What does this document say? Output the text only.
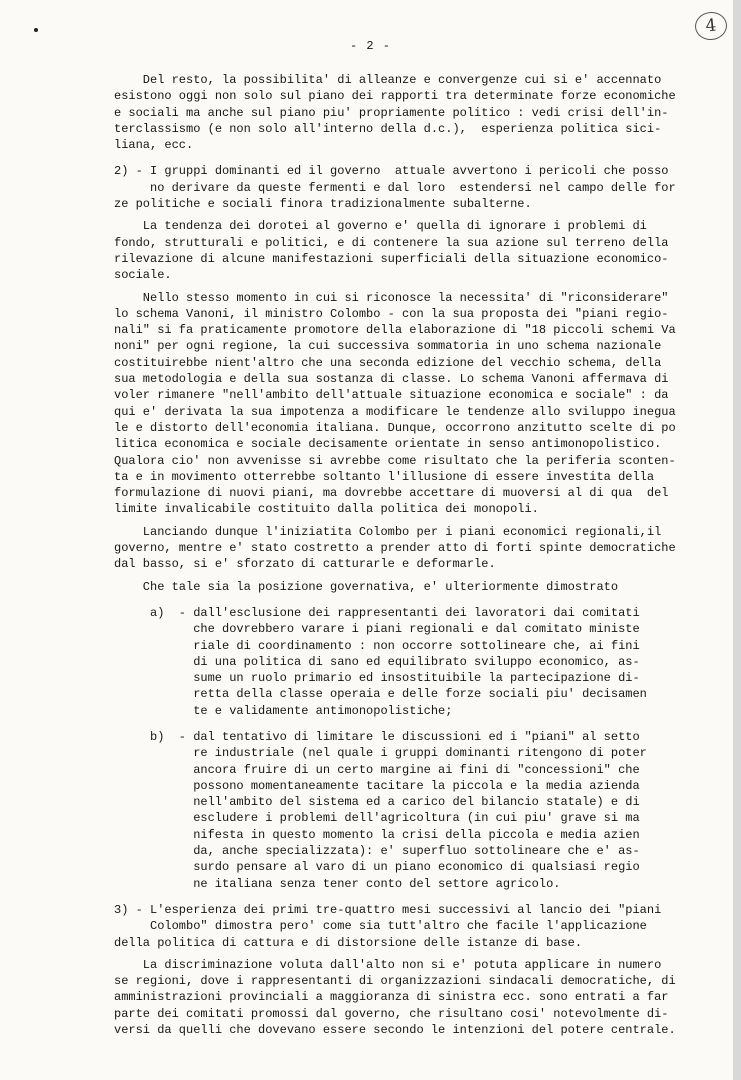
4
- 2 -

Del resto, la possibilita' di alleanze e convergenze cui si e' accennato
esistono oggi non solo sul piano dei rapporti tra determinate forze economiche
e sociali ma anche sul piano piu' propriamente politico : vedi crisi dell'in-
terclassismo (e non solo all'interno della d.c.),  esperienza politica sici-
liana, ecc.

2) - I gruppi dominanti ed il governo  attuale avvertono i pericoli che posso
no derivare da queste fermenti e dal loro  estendersi nel campo delle for
ze politiche e sociali finora tradizionalmente subalterne.

La tendenza dei dorotei al governo e' quella di ignorare i problemi di
fondo, strutturali e politici, e di contenere la sua azione sul terreno della
rilevazione di alcune manifestazioni superficiali della situazione economico-
sociale.

Nello stesso momento in cui si riconosce la necessita' di "riconsiderare"
lo schema Vanoni, il ministro Colombo - con la sua proposta dei "piani regio-
nali" si fa praticamente promotore della elaborazione di "18 piccoli schemi Va
noni" per ogni regione, la cui successiva sommatoria in uno schema nazionale
costituirebbe nient'altro che una seconda edizione del vecchio schema, della
sua metodologia e della sua sostanza di classe. Lo schema Vanoni affermava di
voler rimanere "nell'ambito dell'attuale situazione economica e sociale" : da
qui e' derivata la sua impotenza a modificare le tendenze allo sviluppo inegua
le e distorto dell'economia italiana. Dunque, occorrono anzitutto scelte di po
litica economica e sociale decisamente orientate in senso antimonopolistico.
Qualora cio' non avvenisse si avrebbe come risultato che la periferia sconten-
ta e in movimento otterrebbe soltanto l'illusione di essere investita della
formulazione di nuovi piani, ma dovrebbe accettare di muoversi al di qua  del
limite invalicabile costituito dalla politica dei monopoli.

Lanciando dunque l'iniziatita Colombo per i piani economici regionali,il
governo, mentre e' stato costretto a prender atto di forti spinte democratiche
dal basso, si e' sforzato di catturarle e deformarle.

Che tale sia la posizione governativa, e' ulteriormente dimostrato

a)  - dall'esclusione dei rappresentanti dei lavoratori dai comitati
che dovrebbero varare i piani regionali e dal comitato ministe
riale di coordinamento : non occorre sottolineare che, ai fini
di una politica di sano ed equilibrato sviluppo economico, as-
sume un ruolo primario ed insostituibile la partecipazione di-
retta della classe operaia e delle forze sociali piu' decisamen
te e validamente antimonopolistiche;

b)  - dal tentativo di limitare le discussioni ed i "piani" al setto
re industriale (nel quale i gruppi dominanti ritengono di poter
ancora fruire di un certo margine ai fini di "concessioni" che
possono momentaneamente tacitare la piccola e la media azienda
nell'ambito del sistema ed a carico del bilancio statale) e di
escludere i problemi dell'agricoltura (in cui piu' grave si ma
nifesta in questo momento la crisi della piccola e media azien
da, anche specializzata): e' superfluo sottolineare che e' as-
surdo pensare al varo di un piano economico di qualsiasi regio
ne italiana senza tener conto del settore agricolo.

3) - L'esperienza dei primi tre-quattro mesi successivi al lancio dei "piani
Colombo" dimostra pero' come sia tutt'altro che facile l'applicazione
della politica di cattura e di distorsione delle istanze di base.

La discriminazione voluta dall'alto non si e' potuta applicare in numero
se regioni, dove i rappresentanti di organizzazioni sindacali democratiche, di
amministrazioni provinciali a maggioranza di sinistra ecc. sono entrati a far
parte dei comitati promossi dal governo, che risultano cosi' notevolmente di-
versi da quelli che dovevano essere secondo le intenzioni del potere centrale.
